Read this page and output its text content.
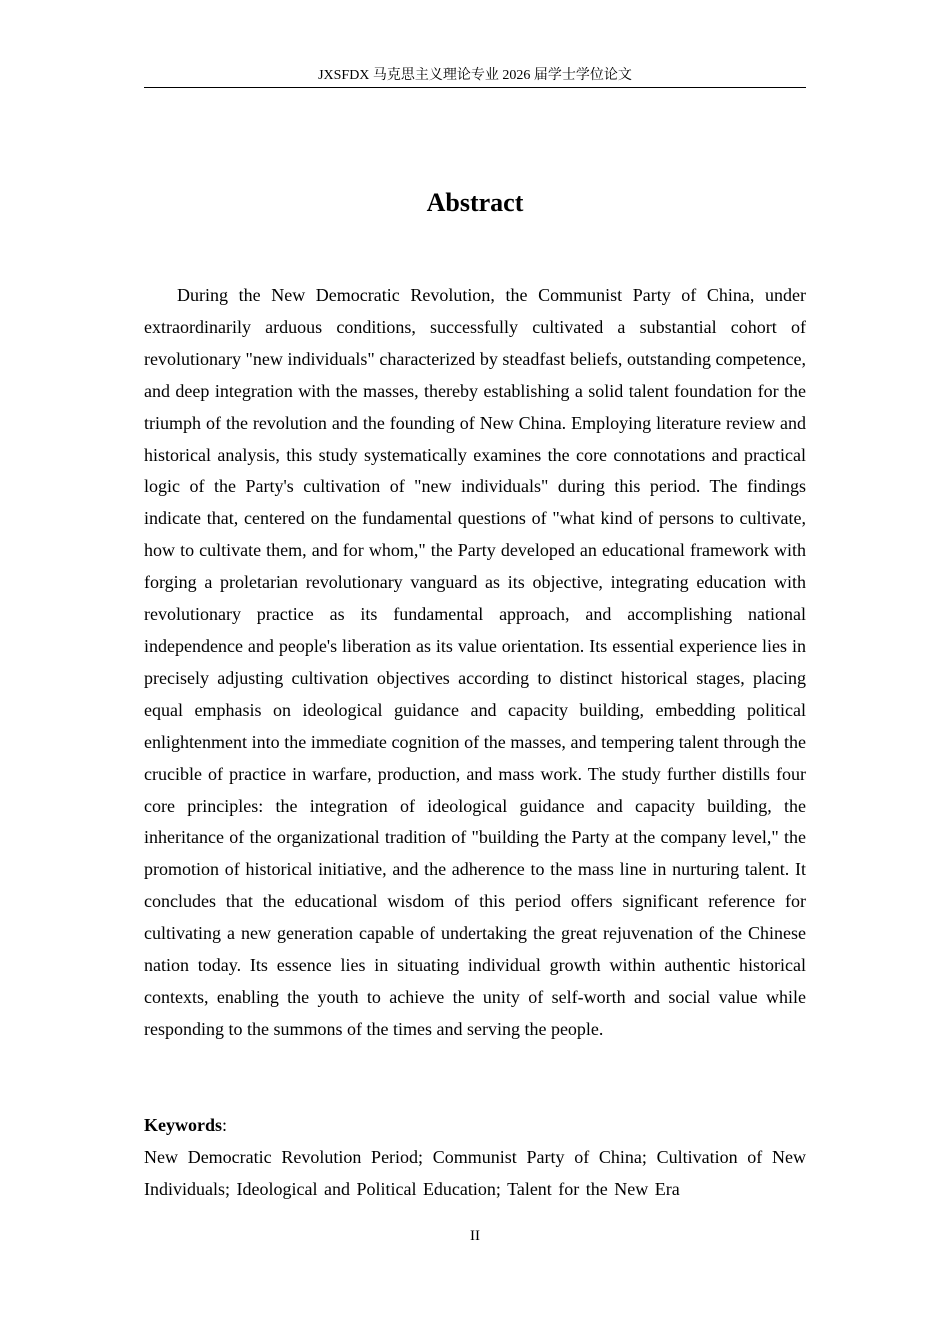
JXSFDX 马克思主义理论专业 2026 届学士学位论文
Abstract

During the New Democratic Revolution, the Communist Party of China, under extraordinarily arduous conditions, successfully cultivated a substantial cohort of revolutionary "new individuals" characterized by steadfast beliefs, outstanding competence, and deep integration with the masses, thereby establishing a solid talent foundation for the triumph of the revolution and the founding of New China. Employing literature review and historical analysis, this study systematically examines the core connotations and practical logic of the Party's cultivation of "new individuals" during this period. The findings indicate that, centered on the fundamental questions of "what kind of persons to cultivate, how to cultivate them, and for whom," the Party developed an educational framework with forging a proletarian revolutionary vanguard as its objective, integrating education with revolutionary practice as its fundamental approach, and accomplishing national independence and people's liberation as its value orientation. Its essential experience lies in precisely adjusting cultivation objectives according to distinct historical stages, placing equal emphasis on ideological guidance and capacity building, embedding political enlightenment into the immediate cognition of the masses, and tempering talent through the crucible of practice in warfare, production, and mass work. The study further distills four core principles: the integration of ideological guidance and capacity building, the inheritance of the organizational tradition of "building the Party at the company level," the promotion of historical initiative, and the adherence to the mass line in nurturing talent. It concludes that the educational wisdom of this period offers significant reference for cultivating a new generation capable of undertaking the great rejuvenation of the Chinese nation today. Its essence lies in situating individual growth within authentic historical contexts, enabling the youth to achieve the unity of self-worth and social value while responding to the summons of the times and serving the people.

Keywords:

New Democratic Revolution Period; Communist Party of China; Cultivation of New Individuals; Ideological and Political Education; Talent for the New Era

II
